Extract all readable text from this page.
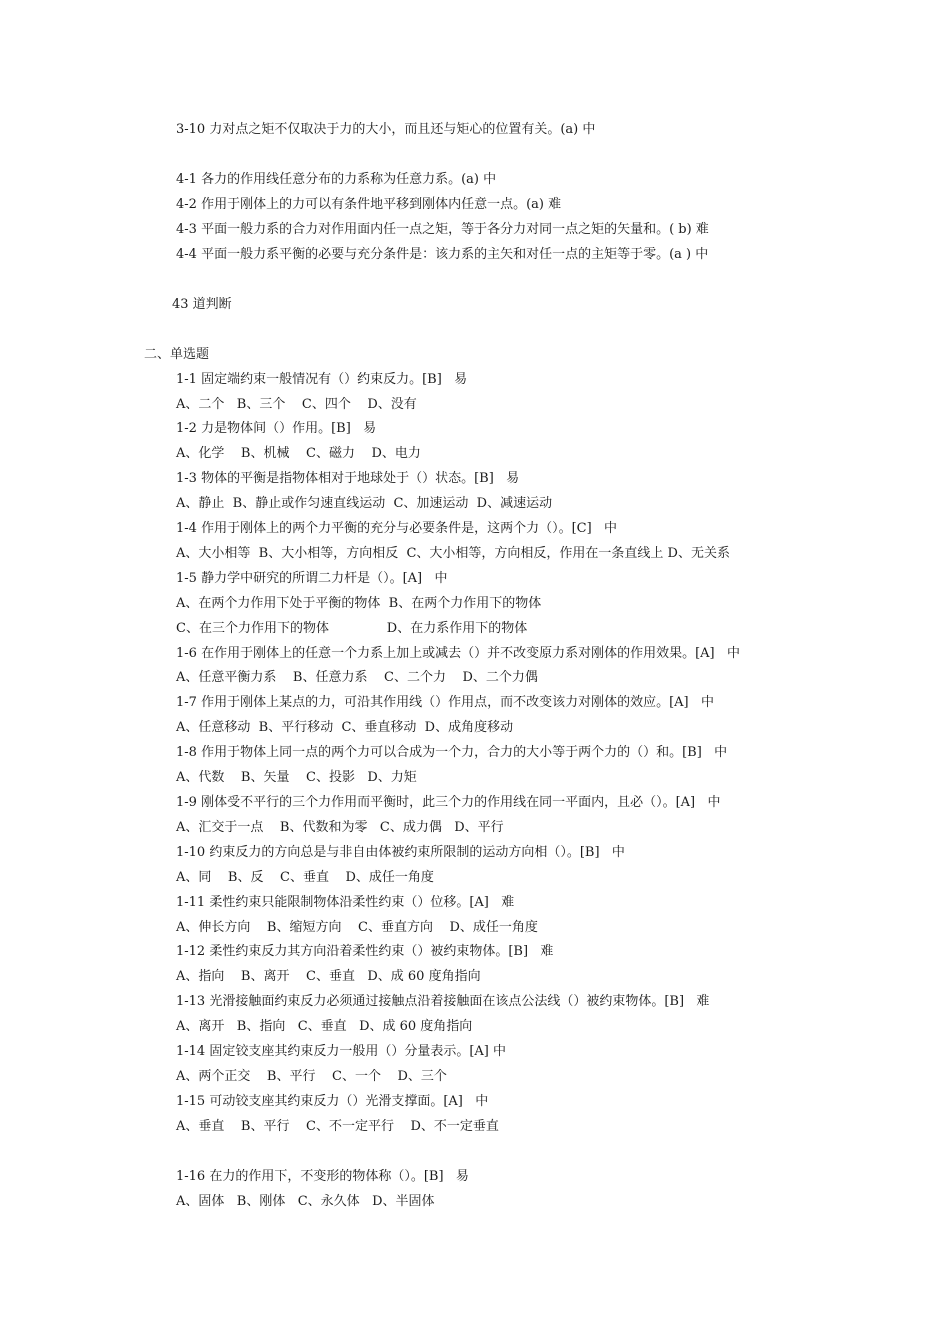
3-10 力对点之矩不仅取决于力的大小，而且还与矩心的位置有关。(a) 中
4-1 各力的作用线任意分布的力系称为任意力系。(a) 中
4-2 作用于刚体上的力可以有条件地平移到刚体内任意一点。(a) 难
4-3 平面一般力系的合力对作用面内任一点之矩，等于各分力对同一点之矩的矢量和。( b) 难
4-4 平面一般力系平衡的必要与充分条件是：该力系的主矢和对任一点的主矩等于零。(a ) 中
43 道判断
二、单选题
1-1 固定端约束一般情况有（）约束反力。[B]   易
A、二个   B、三个    C、四个    D、没有
1-2 力是物体间（）作用。[B]   易
A、化学    B、机械    C、磁力    D、电力
1-3 物体的平衡是指物体相对于地球处于（）状态。[B]   易
A、静止  B、静止或作匀速直线运动  C、加速运动  D、减速运动
1-4 作用于刚体上的两个力平衡的充分与必要条件是，这两个力（）。[C]   中
A、大小相等  B、大小相等，方向相反  C、大小相等，方向相反，作用在一条直线上 D、无关系
1-5 静力学中研究的所谓二力杆是（）。[A]   中
A、在两个力作用下处于平衡的物体  B、在两个力作用下的物体
C、在三个力作用下的物体              D、在力系作用下的物体
1-6 在作用于刚体上的任意一个力系上加上或减去（）并不改变原力系对刚体的作用效果。[A]   中
A、任意平衡力系    B、任意力系    C、二个力    D、二个力偶
1-7 作用于刚体上某点的力，可沿其作用线（）作用点，而不改变该力对刚体的效应。[A]   中
A、任意移动  B、平行移动  C、垂直移动  D、成角度移动
1-8 作用于物体上同一点的两个力可以合成为一个力，合力的大小等于两个力的（）和。[B]   中
A、代数    B、矢量    C、投影   D、力矩
1-9 刚体受不平行的三个力作用而平衡时，此三个力的作用线在同一平面内，且必（）。[A]   中
A、汇交于一点    B、代数和为零   C、成力偶   D、平行
1-10 约束反力的方向总是与非自由体被约束所限制的运动方向相（）。[B]   中
A、同    B、反    C、垂直    D、成任一角度
1-11 柔性约束只能限制物体沿柔性约束（）位移。[A]   难
A、伸长方向    B、缩短方向    C、垂直方向    D、成任一角度
1-12 柔性约束反力其方向沿着柔性约束（）被约束物体。[B]   难
A、指向    B、离开    C、垂直   D、成 60 度角指向
1-13 光滑接触面约束反力必须通过接触点沿着接触面在该点公法线（）被约束物体。[B]   难
A、离开   B、指向   C、垂直   D、成 60 度角指向
1-14 固定铰支座其约束反力一般用（）分量表示。[A] 中
A、两个正交    B、平行    C、一个    D、三个
1-15 可动铰支座其约束反力（）光滑支撑面。[A]   中
A、垂直    B、平行    C、不一定平行    D、不一定垂直
1-16 在力的作用下，不变形的物体称（）。[B]   易
A、固体   B、刚体   C、永久体   D、半固体
